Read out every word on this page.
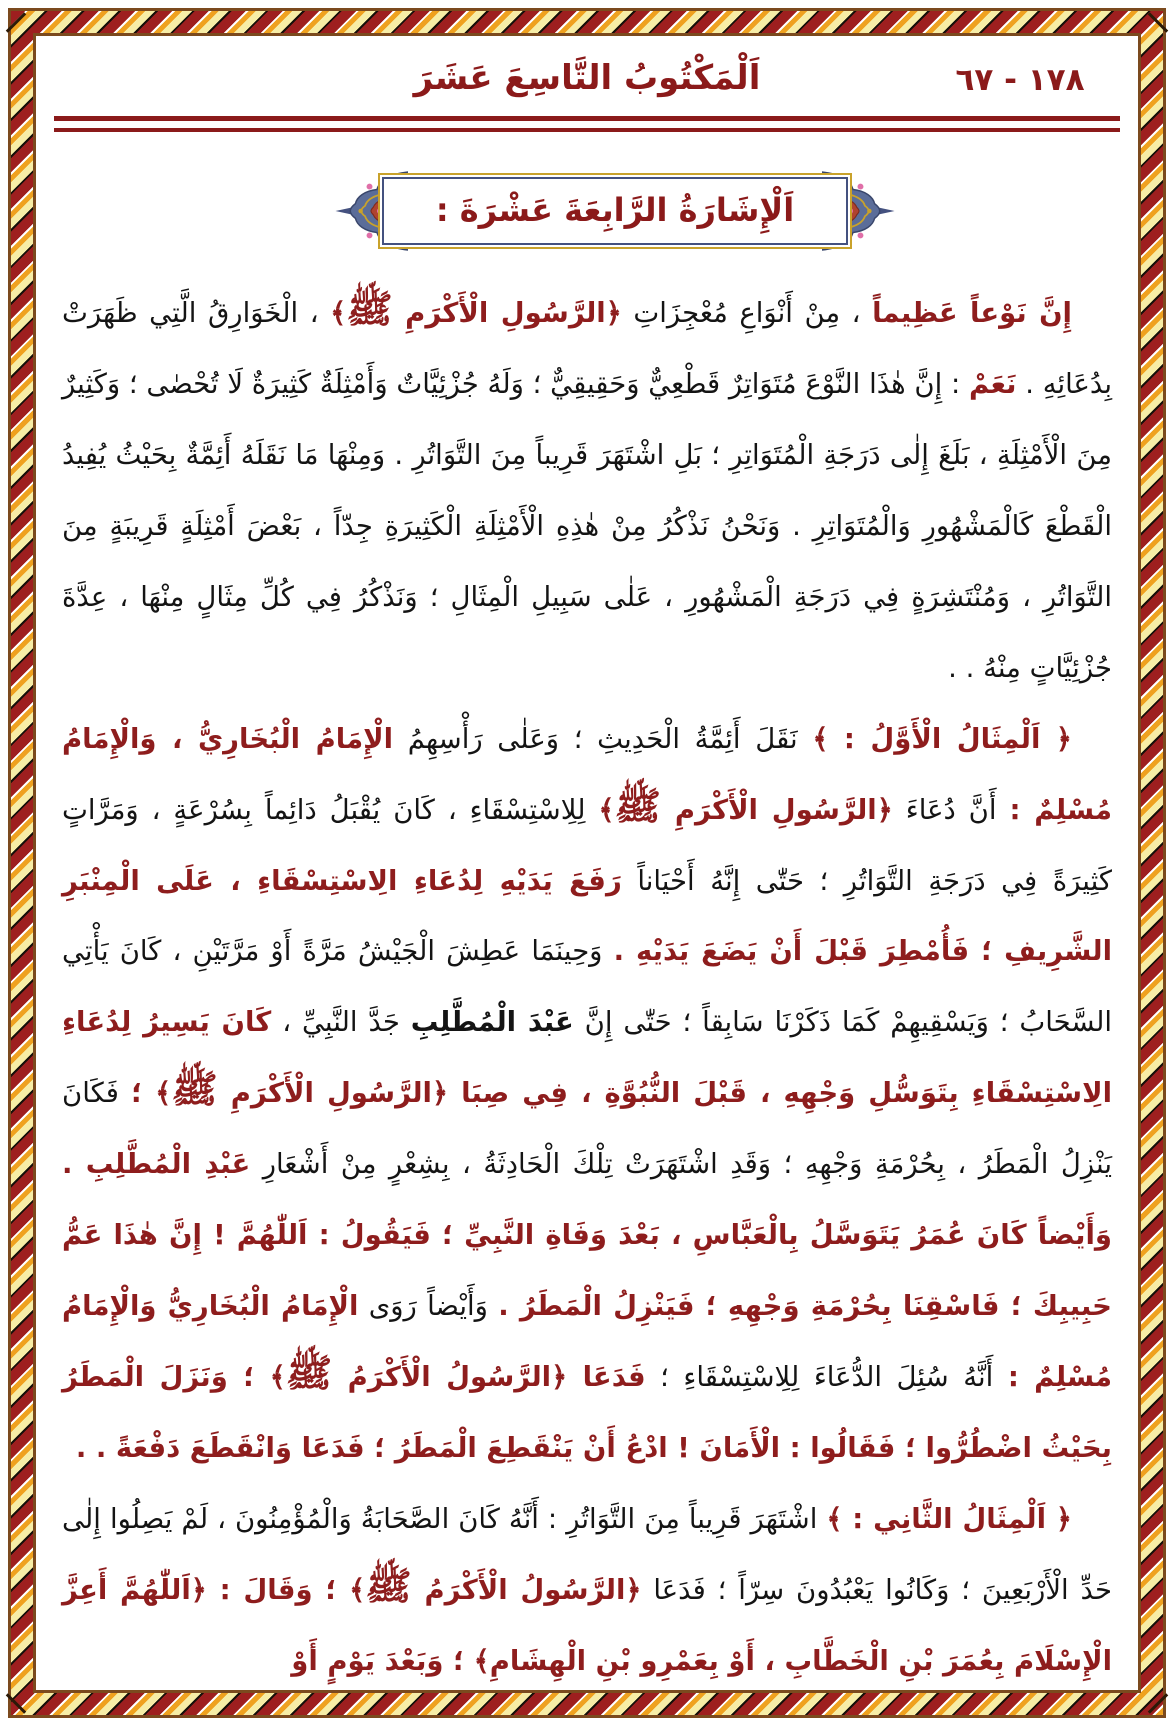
١٧٨ - ٦٧
اَلْمَكْتُوبُ التَّاسِعَ عَشَرَ
اَلْإِشَارَةُ الرَّابِعَةَ عَشْرَةَ :

إِنَّ نَوْعاً عَظِيماً ، مِنْ أَنْوَاعِ مُعْجِزَاتِ ﴿الرَّسُولِ الْأَكْرَمِ ﷺ﴾ ، الْخَوَارِقُ الَّتِي ظَهَرَتْ بِدُعَائِهِ . نَعَمْ : إِنَّ هٰذَا النَّوْعَ مُتَوَاتِرٌ قَطْعِيٌّ وَحَقِيقِيٌّ ؛ وَلَهُ جُزْئِيَّاتٌ وَأَمْثِلَةٌ كَثِيرَةٌ لَا تُحْصٰى ؛ وَكَثِيرٌ مِنَ الْأَمْثِلَةِ ، بَلَغَ إِلٰى دَرَجَةِ الْمُتَوَاتِرِ ؛ بَلِ اشْتَهَرَ قَرِيباً مِنَ التَّوَاتُرِ . وَمِنْهَا مَا نَقَلَهُ أَئِمَّةٌ بِحَيْثُ يُفِيدُ الْقَطْعَ كَالْمَشْهُورِ وَالْمُتَوَاتِرِ . وَنَحْنُ نَذْكُرُ مِنْ هٰذِهِ الْأَمْثِلَةِ الْكَثِيرَةِ جِدّاً ، بَعْضَ أَمْثِلَةٍ قَرِيبَةٍ مِنَ التَّوَاتُرِ ، وَمُنْتَشِرَةٍ فِي دَرَجَةِ الْمَشْهُورِ ، عَلٰى سَبِيلِ الْمِثَالِ ؛ وَنَذْكُرُ فِي كُلِّ مِثَالٍ مِنْهَا ، عِدَّةَ جُزْئِيَّاتٍ مِنْهُ . .

﴿ اَلْمِثَالُ الْأَوَّلُ : ﴾ نَقَلَ أَئِمَّةُ الْحَدِيثِ ؛ وَعَلٰى رَأْسِهِمُ الْإِمَامُ الْبُخَارِيُّ ، وَالْإِمَامُ مُسْلِمٌ : أَنَّ دُعَاءَ ﴿الرَّسُولِ الْأَكْرَمِ ﷺ﴾ لِلِاسْتِسْقَاءِ ، كَانَ يُقْبَلُ دَائِماً بِسُرْعَةٍ ، وَمَرَّاتٍ كَثِيرَةً فِي دَرَجَةِ التَّوَاتُرِ ؛ حَتّٰى إِنَّهُ أَحْيَاناً رَفَعَ يَدَيْهِ لِدُعَاءِ الِاسْتِسْقَاءِ ، عَلَى الْمِنْبَرِ الشَّرِيفِ ؛ فَأُمْطِرَ قَبْلَ أَنْ يَضَعَ يَدَيْهِ . وَحِينَمَا عَطِشَ الْجَيْشُ مَرَّةً أَوْ مَرَّتَيْنِ ، كَانَ يَأْتِي السَّحَابُ ؛ وَيَسْقِيهِمْ كَمَا ذَكَرْنَا سَابِقاً ؛ حَتّٰى إِنَّ عَبْدَ الْمُطَّلِبِ جَدَّ النَّبِيِّ ، كَانَ يَسِيرُ لِدُعَاءِ الِاسْتِسْقَاءِ بِتَوَسُّلِ وَجْهِهِ ، قَبْلَ النُّبُوَّةِ ، فِي صِبَا ﴿الرَّسُولِ الْأَكْرَمِ ﷺ﴾ ؛ فَكَانَ يَنْزِلُ الْمَطَرُ ، بِحُرْمَةِ وَجْهِهِ ؛ وَقَدِ اشْتَهَرَتْ تِلْكَ الْحَادِثَةُ ، بِشِعْرٍ مِنْ أَشْعَارِ عَبْدِ الْمُطَّلِبِ . وَأَيْضاً كَانَ عُمَرُ يَتَوَسَّلُ بِالْعَبَّاسِ ، بَعْدَ وَفَاةِ النَّبِيِّ ؛ فَيَقُولُ : اَللّٰهُمَّ ! إِنَّ هٰذَا عَمُّ حَبِيبِكَ ؛ فَاسْقِنَا بِحُرْمَةِ وَجْهِهِ ؛ فَيَنْزِلُ الْمَطَرُ . وَأَيْضاً رَوَى الْإِمَامُ الْبُخَارِيُّ وَالْإِمَامُ مُسْلِمٌ : أَنَّهُ سُئِلَ الدُّعَاءَ لِلِاسْتِسْقَاءِ ؛ فَدَعَا ﴿الرَّسُولُ الْأَكْرَمُ ﷺ﴾ ؛ وَنَزَلَ الْمَطَرُ بِحَيْثُ اضْطُرُّوا ؛ فَقَالُوا : الْأَمَانَ ! ادْعُ أَنْ يَنْقَطِعَ الْمَطَرُ ؛ فَدَعَا وَانْقَطَعَ دَفْعَةً . .

﴿ اَلْمِثَالُ الثَّانِي : ﴾ اشْتَهَرَ قَرِيباً مِنَ التَّوَاتُرِ : أَنَّهُ كَانَ الصَّحَابَةُ وَالْمُؤْمِنُونَ ، لَمْ يَصِلُوا إِلٰى حَدِّ الْأَرْبَعِينَ ؛ وَكَانُوا يَعْبُدُونَ سِرّاً ؛ فَدَعَا ﴿الرَّسُولُ الْأَكْرَمُ ﷺ﴾ ؛ وَقَالَ : ﴿اَللّٰهُمَّ أَعِزَّ الْإِسْلَامَ بِعُمَرَ بْنِ الْخَطَّابِ ، أَوْ بِعَمْرِو بْنِ الْهِشَامِ﴾ ؛ وَبَعْدَ يَوْمٍ أَوْ
